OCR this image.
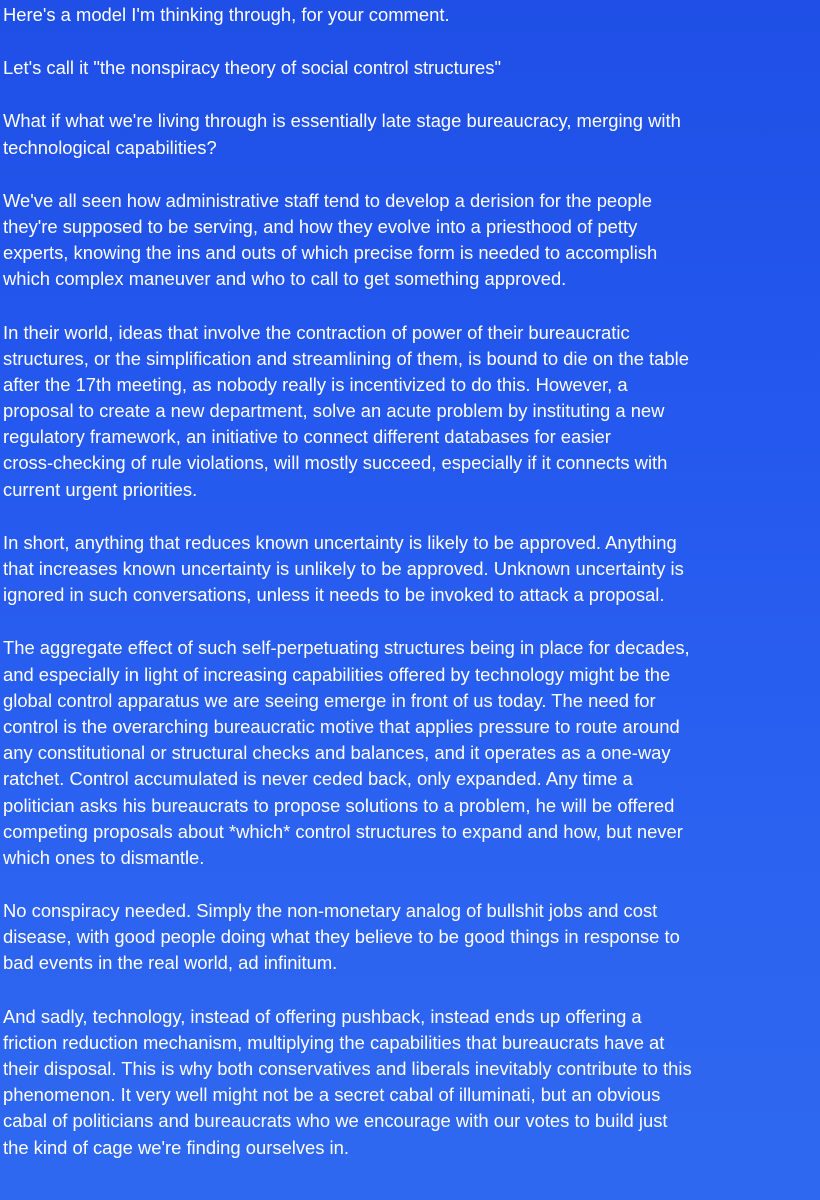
Here's a model I'm thinking through, for your comment.

Let's call it "the nonspiracy theory of social control structures"

What if what we're living through is essentially late stage bureaucracy, merging with
technological capabilities?

We've all seen how administrative staff tend to develop a derision for the people
they're supposed to be serving, and how they evolve into a priesthood of petty
experts, knowing the ins and outs of which precise form is needed to accomplish
which complex maneuver and who to call to get something approved.

In their world, ideas that involve the contraction of power of their bureaucratic
structures, or the simplification and streamlining of them, is bound to die on the table
after the 17th meeting, as nobody really is incentivized to do this. However, a
proposal to create a new department, solve an acute problem by instituting a new
regulatory framework, an initiative to connect different databases for easier
cross-checking of rule violations, will mostly succeed, especially if it connects with
current urgent priorities.

In short, anything that reduces known uncertainty is likely to be approved. Anything
that increases known uncertainty is unlikely to be approved. Unknown uncertainty is
ignored in such conversations, unless it needs to be invoked to attack a proposal.

The aggregate effect of such self-perpetuating structures being in place for decades,
and especially in light of increasing capabilities offered by technology might be the
global control apparatus we are seeing emerge in front of us today. The need for
control is the overarching bureaucratic motive that applies pressure to route around
any constitutional or structural checks and balances, and it operates as a one-way
ratchet. Control accumulated is never ceded back, only expanded. Any time a
politician asks his bureaucrats to propose solutions to a problem, he will be offered
competing proposals about *which* control structures to expand and how, but never
which ones to dismantle.

No conspiracy needed. Simply the non-monetary analog of bullshit jobs and cost
disease, with good people doing what they believe to be good things in response to
bad events in the real world, ad infinitum.

And sadly, technology, instead of offering pushback, instead ends up offering a
friction reduction mechanism, multiplying the capabilities that bureaucrats have at
their disposal. This is why both conservatives and liberals inevitably contribute to this
phenomenon. It very well might not be a secret cabal of illuminati, but an obvious
cabal of politicians and bureaucrats who we encourage with our votes to build just
the kind of cage we're finding ourselves in.
